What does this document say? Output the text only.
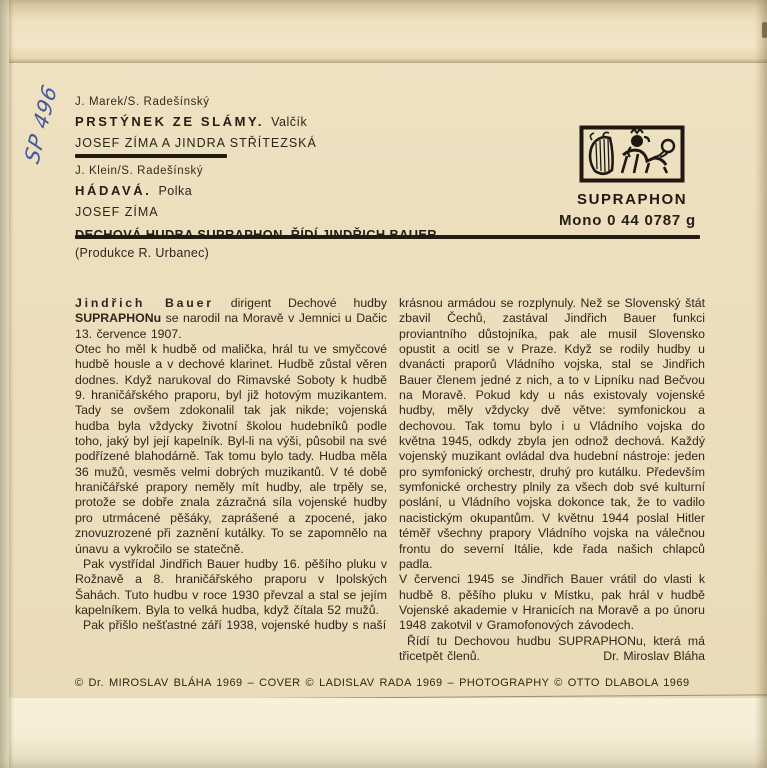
SP 496 J. Marek/S. Radešínský
PRSTÝNEK ZE SLÁMY. Valčík
JOSEF ZÍMA A JINDRA STŘÍTEZSKÁ
J. Klein/S. Radešínský
HÁDAVÁ. Polka
JOSEF ZÍMA
(Produkce R. Urbanec)
SUPRAPHON
Mono 0 44 0787 g

Jindřich Bauer dirigent Dechové hudby SUPRAPHONu se narodil na Moravě v Jemnici u Dačic 13. července 1907.

Otec ho měl k hudbě od malička, hrál tu ve smyčcové hudbě housle a v dechové klarinet. Hudbě zůstal věren dodnes. Když narukoval do Rimavské Soboty k hudbě 9. hraničářského praporu, byl již hotovým muzikantem. Tady se ovšem zdokonalil tak jak nikde; vojenská hudba byla vždycky životní školou hudebníků podle toho, jaký byl její kapelník. Byl-li na výši, působil na své podřízené blahodárně. Tak tomu bylo tady. Hudba měla 36 mužů, vesměs velmi dobrých muzikantů. V té době hraničářské prapory neměly mít hudby, ale trpěly se, protože se dobře znala zázračná síla vojenské hudby pro utrmácené pěšáky, zaprášené a zpocené, jako znovuzrozené při zaznění kutálky. To se zapomnělo na únavu a vykročilo se statečně.

Pak vystřídal Jindřich Bauer hudby 16. pěšího pluku v Rožnavě a 8. hraničářského praporu v Ipolských Šahách. Tuto hudbu v roce 1930 převzal a stal se jejím kapelníkem. Byla to velká hudba, když čítala 52 mužů.

Pak přišlo nešťastné září 1938, vojenské hudby s naší

krásnou armádou se rozplynuly. Než se Slovenský štát zbavil Čechů, zastával Jindřich Bauer funkci proviantního důstojníka, pak ale musil Slovensko opustit a ocitl se v Praze. Když se rodily hudby u dvanácti praporů Vládního vojska, stal se Jindřich Bauer členem jedné z nich, a to v Lipníku nad Bečvou na Moravě. Pokud kdy u nás existovaly vojenské hudby, měly vždycky dvě větve: symfonickou a dechovou. Tak tomu bylo i u Vládního vojska do května 1945, odkdy zbyla jen odnož dechová. Každý vojenský muzikant ovládal dva hudební nástroje: jeden pro symfonický orchestr, druhý pro kutálku. Především symfonické orchestry plnily za všech dob své kulturní poslání, u Vládního vojska dokonce tak, že to vadilo nacistickým okupantům. V květnu 1944 poslal Hitler téměř všechny prapory Vládního vojska na válečnou frontu do severní Itálie, kde řada našich chlapců padla.

V červenci 1945 se Jindřich Bauer vrátil do vlasti k hudbě 8. pěšího pluku v Místku, pak hrál v hudbě Vojenské akademie v Hranicích na Moravě a po únoru 1948 zakotvil v Gramofonových závodech.

Řídí tu Dechovou hudbu SUPRAPHONu, která má třicetpět členů.	Dr. Miroslav Bláha
© Dr. MIROSLAV BLÁHA 1969 – COVER © LADISLAV RADA 1969 – PHOTOGRAPHY © OTTO DLABOLA 1969
